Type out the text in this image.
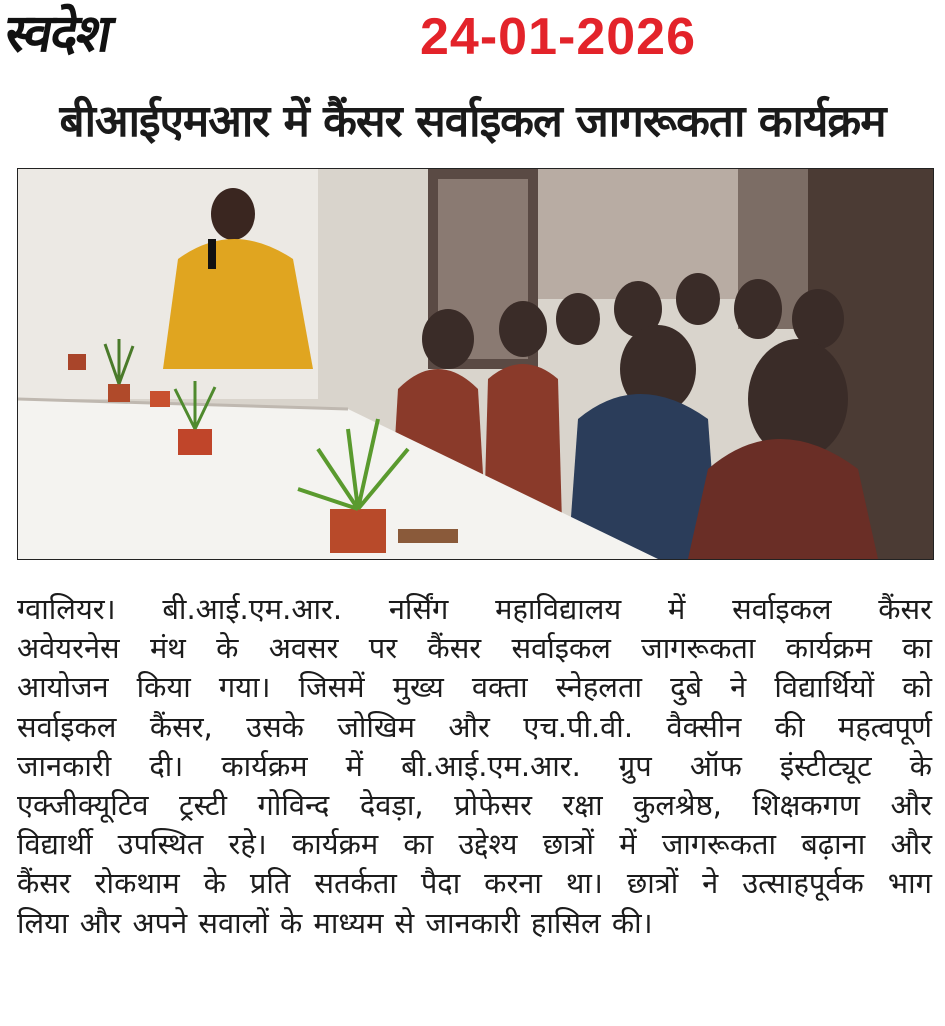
स्वदेश	24-01-2026
बीआईएमआर में कैंसर सर्वाइकल जागरूकता कार्यक्रम
ग्वालियर। बी.आई.एम.आर. नर्सिंग महाविद्यालय में सर्वाइकल कैंसर
अवेयरनेस मंथ के अवसर पर कैंसर सर्वाइकल जागरूकता कार्यक्रम का
आयोजन किया गया। जिसमें मुख्य वक्ता स्नेहलता दुबे ने विद्यार्थियों को
सर्वाइकल कैंसर, उसके जोखिम और एच.पी.वी. वैक्सीन की महत्वपूर्ण
जानकारी दी। कार्यक्रम में बी.आई.एम.आर. ग्रुप ऑफ इंस्टीट्यूट के
एक्जीक्यूटिव ट्रस्टी गोविन्द देवड़ा, प्रोफेसर रक्षा कुलश्रेष्ठ, शिक्षकगण और
विद्यार्थी उपस्थित रहे। कार्यक्रम का उद्देश्य छात्रों में जागरूकता बढ़ाना और
कैंसर रोकथाम के प्रति सतर्कता पैदा करना था। छात्रों ने उत्साहपूर्वक भाग
लिया और अपने सवालों के माध्यम से जानकारी हासिल की।
